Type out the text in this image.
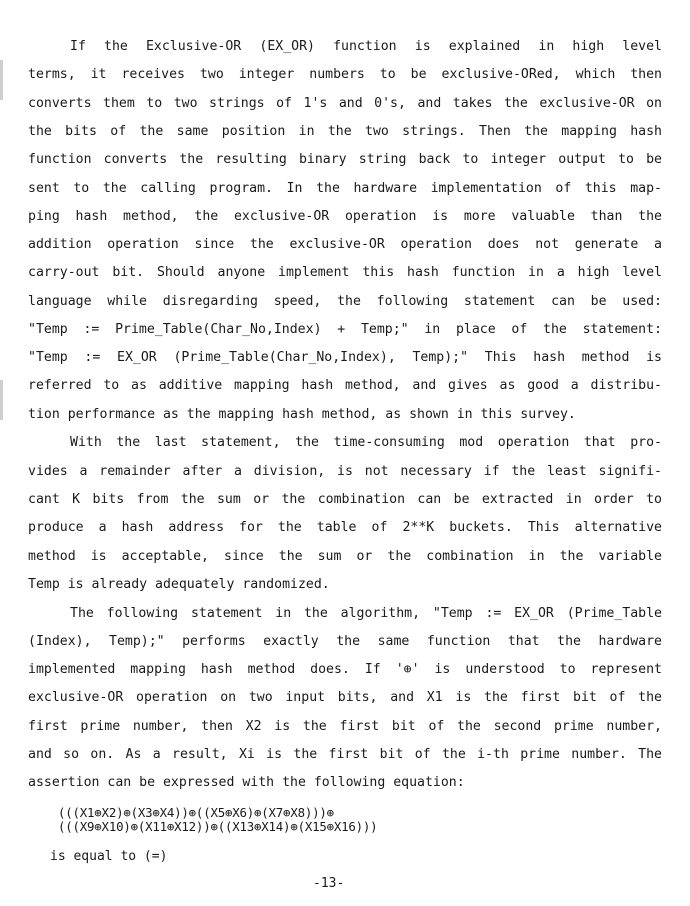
If the Exclusive-OR (EX_OR) function is explained in high level
terms, it receives two integer numbers to be exclusive-ORed, which then
converts them to two strings of 1's and 0's, and takes the exclusive-OR on
the bits of the same position in the two strings. Then the mapping hash
function converts the resulting binary string back to integer output to be
sent to the calling program. In the hardware implementation of this map-
ping hash method, the exclusive-OR operation is more valuable than the
addition operation since the exclusive-OR operation does not generate a
carry-out bit. Should anyone implement this hash function in a high level
language while disregarding speed, the following statement can be used:
"Temp := Prime_Table(Char_No,Index) + Temp;" in place of the statement:
"Temp := EX_OR (Prime_Table(Char_No,Index), Temp);" This hash method is
referred to as additive mapping hash method, and gives as good a distribu-
tion performance as the mapping hash method, as shown in this survey.
With the last statement, the time-consuming mod operation that pro-
vides a remainder after a division, is not necessary if the least signifi-
cant K bits from the sum or the combination can be extracted in order to
produce a hash address for the table of 2**K buckets. This alternative
method is acceptable, since the sum or the combination in the variable
Temp is already adequately randomized.
The following statement in the algorithm, "Temp := EX_OR (Prime_Table
(Index), Temp);" performs exactly the same function that the hardware
implemented mapping hash method does. If '⊕' is understood to represent
exclusive-OR operation on two input bits, and X1 is the first bit of the
first prime number, then X2 is the first bit of the second prime number,
and so on. As a result, Xi is the first bit of the i-th prime number. The
assertion can be expressed with the following equation:
(((X1⊕X2)⊕(X3⊕X4))⊕((X5⊕X6)⊕(X7⊕X8)))⊕
(((X9⊕X10)⊕(X11⊕X12))⊕((X13⊕X14)⊕(X15⊕X16)))
is equal to (=)
-13-
